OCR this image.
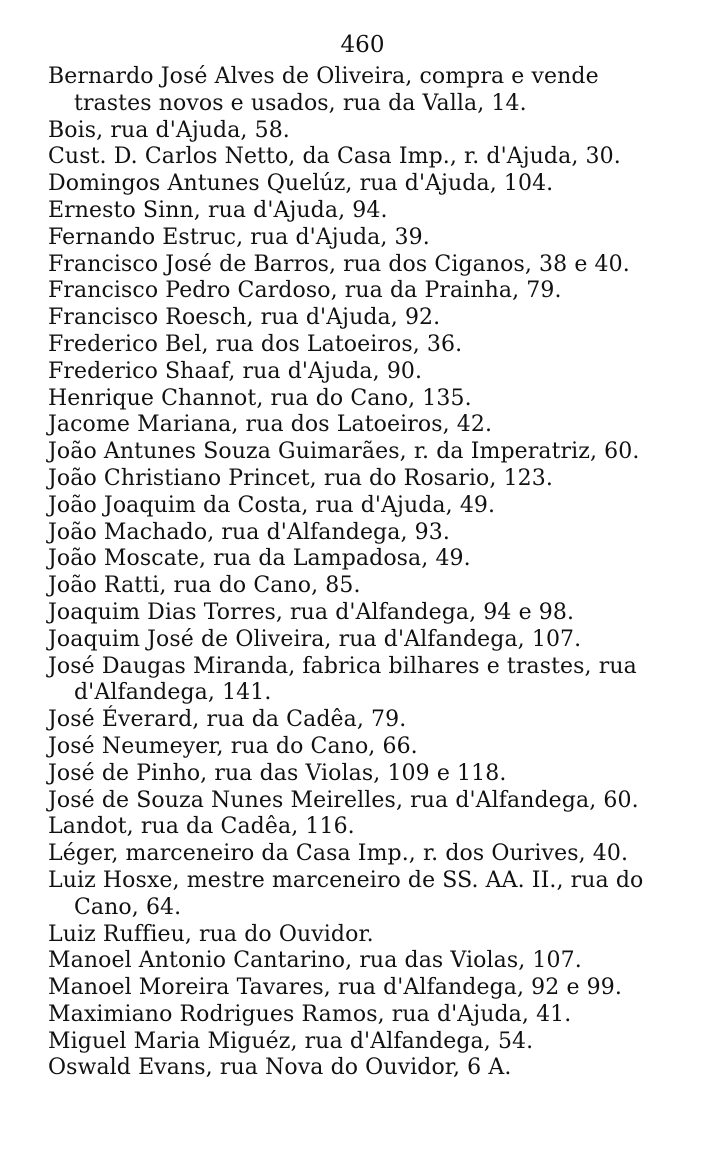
460
Bernardo José Alves de Oliveira, compra e vende trastes novos e usados, rua da Valla, 14.
Bois, rua d'Ajuda, 58.
Cust. D. Carlos Netto, da Casa Imp., r. d'Ajuda, 30.
Domingos Antunes Quelúz, rua d'Ajuda, 104.
Ernesto Sinn, rua d'Ajuda, 94.
Fernando Estruc, rua d'Ajuda, 39.
Francisco José de Barros, rua dos Ciganos, 38 e 40.
Francisco Pedro Cardoso, rua da Prainha, 79.
Francisco Roesch, rua d'Ajuda, 92.
Frederico Bel, rua dos Latoeiros, 36.
Frederico Shaaf, rua d'Ajuda, 90.
Henrique Channot, rua do Cano, 135.
Jacome Mariana, rua dos Latoeiros, 42.
João Antunes Souza Guimarães, r. da Imperatriz, 60.
João Christiano Princet, rua do Rosario, 123.
João Joaquim da Costa, rua d'Ajuda, 49.
João Machado, rua d'Alfandega, 93.
João Moscate, rua da Lampadosa, 49.
João Ratti, rua do Cano, 85.
Joaquim Dias Torres, rua d'Alfandega, 94 e 98.
Joaquim José de Oliveira, rua d'Alfandega, 107.
José Daugas Miranda, fabrica bilhares e trastes, rua d'Alfandega, 141.
José Éverard, rua da Cadêa, 79.
José Neumeyer, rua do Cano, 66.
José de Pinho, rua das Violas, 109 e 118.
José de Souza Nunes Meirelles, rua d'Alfandega, 60.
Landot, rua da Cadêa, 116.
Léger, marceneiro da Casa Imp., r. dos Ourives, 40.
Luiz Hosxe, mestre marceneiro de SS. AA. II., rua do Cano, 64.
Luiz Ruffieu, rua do Ouvidor.
Manoel Antonio Cantarino, rua das Violas, 107.
Manoel Moreira Tavares, rua d'Alfandega, 92 e 99.
Maximiano Rodrigues Ramos, rua d'Ajuda, 41.
Miguel Maria Miguéz, rua d'Alfandega, 54.
Oswald Evans, rua Nova do Ouvidor, 6 A.
